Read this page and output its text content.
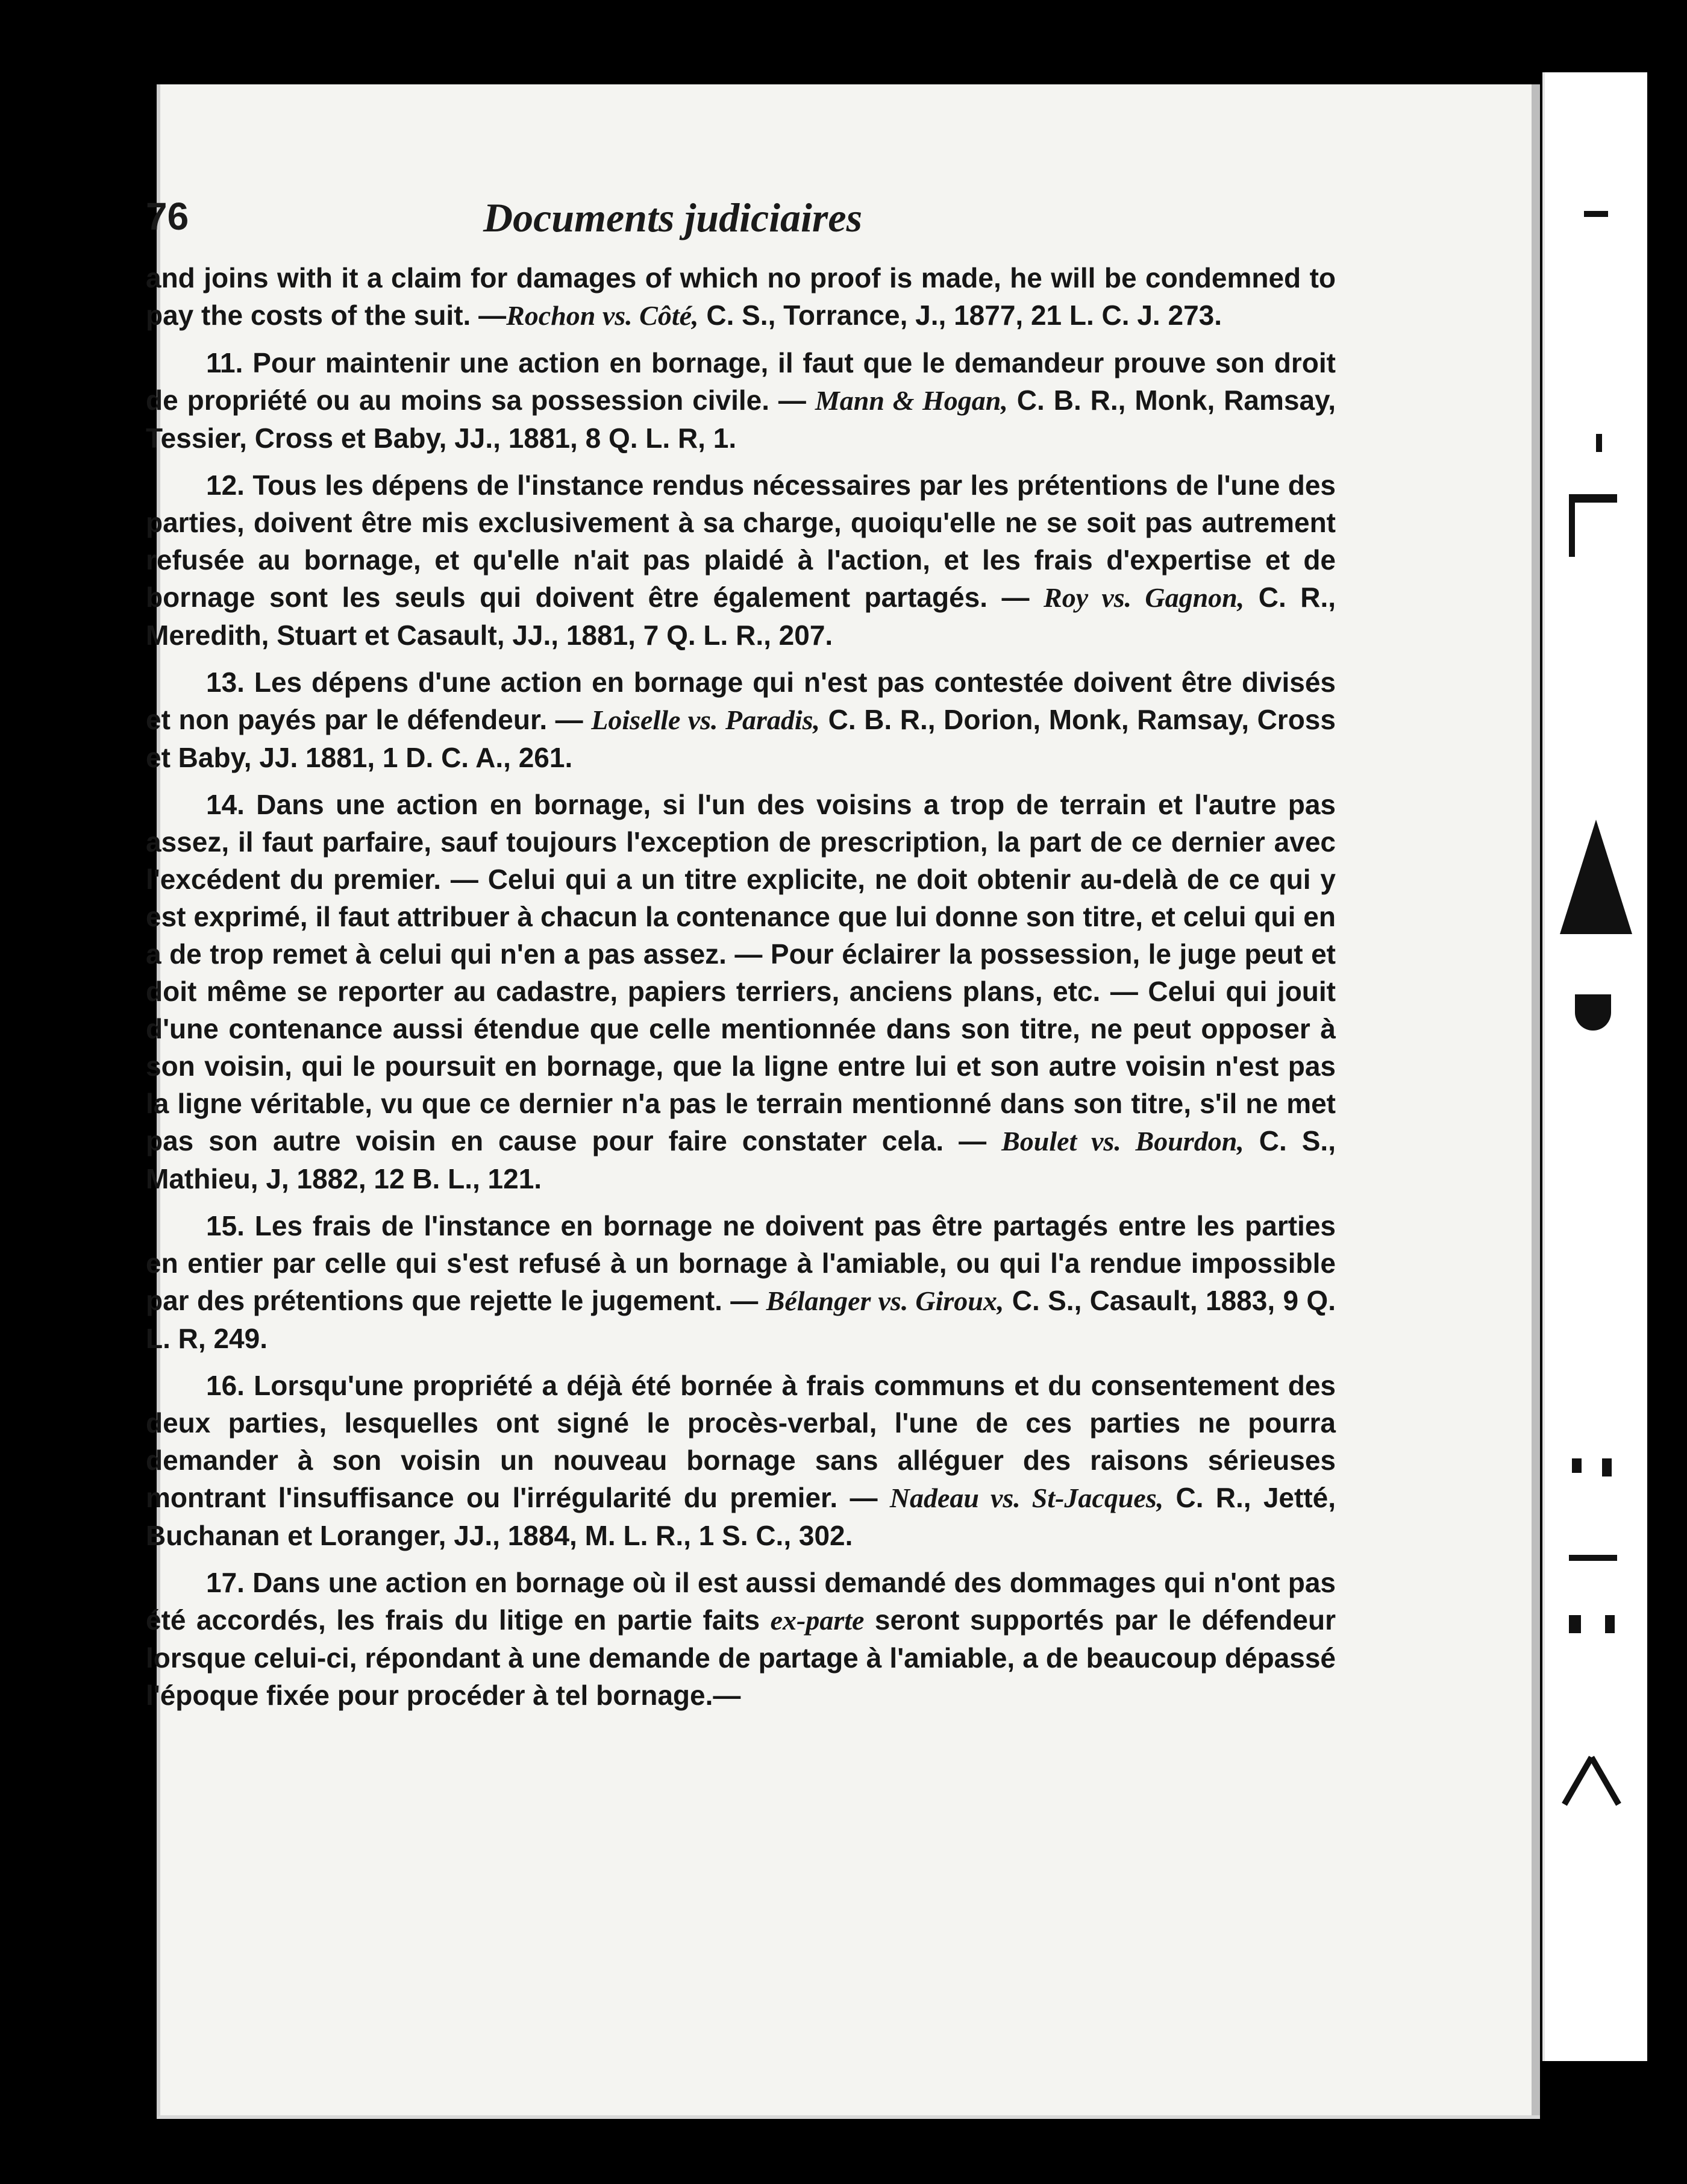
76	Documents judiciaires

and joins with it a claim for damages of which no proof is made, he will be condemned to pay the costs of the suit. —Rochon vs. Côté, C. S., Torrance, J., 1877, 21 L. C. J. 273.

11. Pour maintenir une action en bornage, il faut que le demandeur prouve son droit de propriété ou au moins sa possession civile. — Mann & Hogan, C. B. R., Monk, Ramsay, Tessier, Cross et Baby, JJ., 1881, 8 Q. L. R, 1.

12. Tous les dépens de l'instance rendus nécessaires par les prétentions de l'une des parties, doivent être mis exclusivement à sa charge, quoiqu'elle ne se soit pas autrement refusée au bornage, et qu'elle n'ait pas plaidé à l'action, et les frais d'expertise et de bornage sont les seuls qui doivent être également partagés. — Roy vs. Gagnon, C. R., Meredith, Stuart et Casault, JJ., 1881, 7 Q. L. R., 207.

13. Les dépens d'une action en bornage qui n'est pas contestée doivent être divisés et non payés par le défendeur. — Loiselle vs. Paradis, C. B. R., Dorion, Monk, Ramsay, Cross et Baby, JJ. 1881, 1 D. C. A., 261.

14. Dans une action en bornage, si l'un des voisins a trop de terrain et l'autre pas assez, il faut parfaire, sauf toujours l'exception de prescription, la part de ce dernier avec l'excédent du premier. — Celui qui a un titre explicite, ne doit obtenir au-delà de ce qui y est exprimé, il faut attribuer à chacun la contenance que lui donne son titre, et celui qui en a de trop remet à celui qui n'en a pas assez. — Pour éclairer la possession, le juge peut et doit même se reporter au cadastre, papiers terriers, anciens plans, etc. — Celui qui jouit d'une contenance aussi étendue que celle mentionnée dans son titre, ne peut opposer à son voisin, qui le poursuit en bornage, que la ligne entre lui et son autre voisin n'est pas la ligne véritable, vu que ce dernier n'a pas le terrain mentionné dans son titre, s'il ne met pas son autre voisin en cause pour faire constater cela. — Boulet vs. Bourdon, C. S., Mathieu, J, 1882, 12 B. L., 121.

15. Les frais de l'instance en bornage ne doivent pas être partagés entre les parties en entier par celle qui s'est refusé à un bornage à l'amiable, ou qui l'a rendue impossible par des prétentions que rejette le jugement. — Bélanger vs. Giroux, C. S., Casault, 1883, 9 Q. L. R, 249.

16. Lorsqu'une propriété a déjà été bornée à frais communs et du consentement des deux parties, lesquelles ont signé le procès-verbal, l'une de ces parties ne pourra demander à son voisin un nouveau bornage sans alléguer des raisons sérieuses montrant l'insuffisance ou l'irrégularité du premier. — Nadeau vs. St-Jacques, C. R., Jetté, Buchanan et Loranger, JJ., 1884, M. L. R., 1 S. C., 302.

17. Dans une action en bornage où il est aussi demandé des dommages qui n'ont pas été accordés, les frais du litige en partie faits ex-parte seront supportés par le défendeur lorsque celui-ci, répondant à une demande de partage à l'amiable, a de beaucoup dépassé l'époque fixée pour procéder à tel bornage.—
